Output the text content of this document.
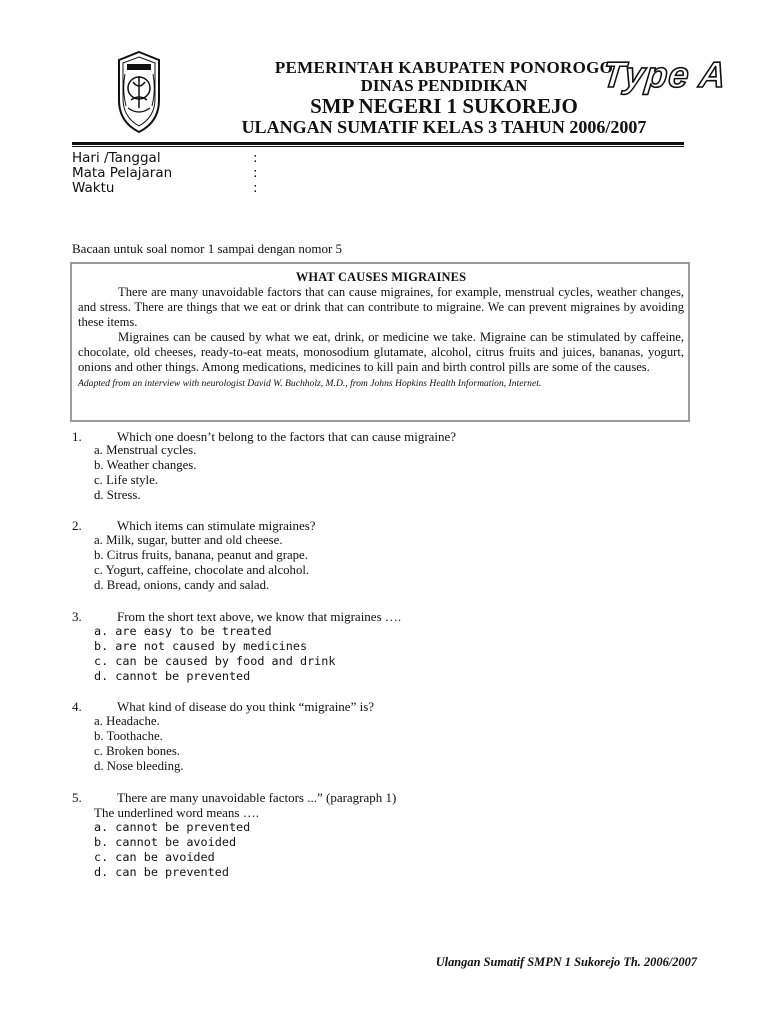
PEMERINTAH KABUPATEN PONOROGO
DINAS PENDIDIKAN
SMP NEGERI 1 SUKOREJO
ULANGAN SUMATIF KELAS 3 TAHUN 2006/2007
Type A
Hari /Tanggal	:
Mata Pelajaran	:
Waktu	:
Bacaan untuk soal nomor 1 sampai dengan nomor 5
WHAT CAUSES MIGRAINES

There are many unavoidable factors that can cause migraines, for example, menstrual cycles, weather changes, and stress. There are things that we eat or drink that can contribute to migraine. We can prevent migraines by avoiding these items.

Migraines can be caused by what we eat, drink, or medicine we take. Migraine can be stimulated by caffeine, chocolate, old cheeses, ready-to-eat meats, monosodium glutamate, alcohol, citrus fruits and juices, bananas, yogurt, onions and other things. Among medications, medicines to kill pain and birth control pills are some of the causes.

Adapted from an interview with neurologist David W. Buchholz, M.D., from Johns Hopkins Health Information, Internet.
1.	Which one doesn’t belong to the factors that can cause migraine?
a. Menstrual cycles.
b. Weather changes.
c. Life style.
d. Stress.
2.	Which items can stimulate migraines?
a. Milk, sugar, butter and old cheese.
b. Citrus fruits, banana, peanut and grape.
c. Yogurt, caffeine, chocolate and alcohol.
d. Bread, onions, candy and salad.
3.	From the short text above, we know that migraines ….
a. are easy to be treated
b. are not caused by medicines
c. can be caused by food and drink
d. cannot be prevented
4.	What kind of disease do you think “migraine” is?
a. Headache.
b. Toothache.
c. Broken bones.
d. Nose bleeding.
5.	There are many unavoidable factors ...” (paragraph 1)
The underlined word means ….
a. cannot be prevented
b. cannot be avoided
c. can be avoided
d. can be prevented
Ulangan Sumatif SMPN 1 Sukorejo Th. 2006/2007
